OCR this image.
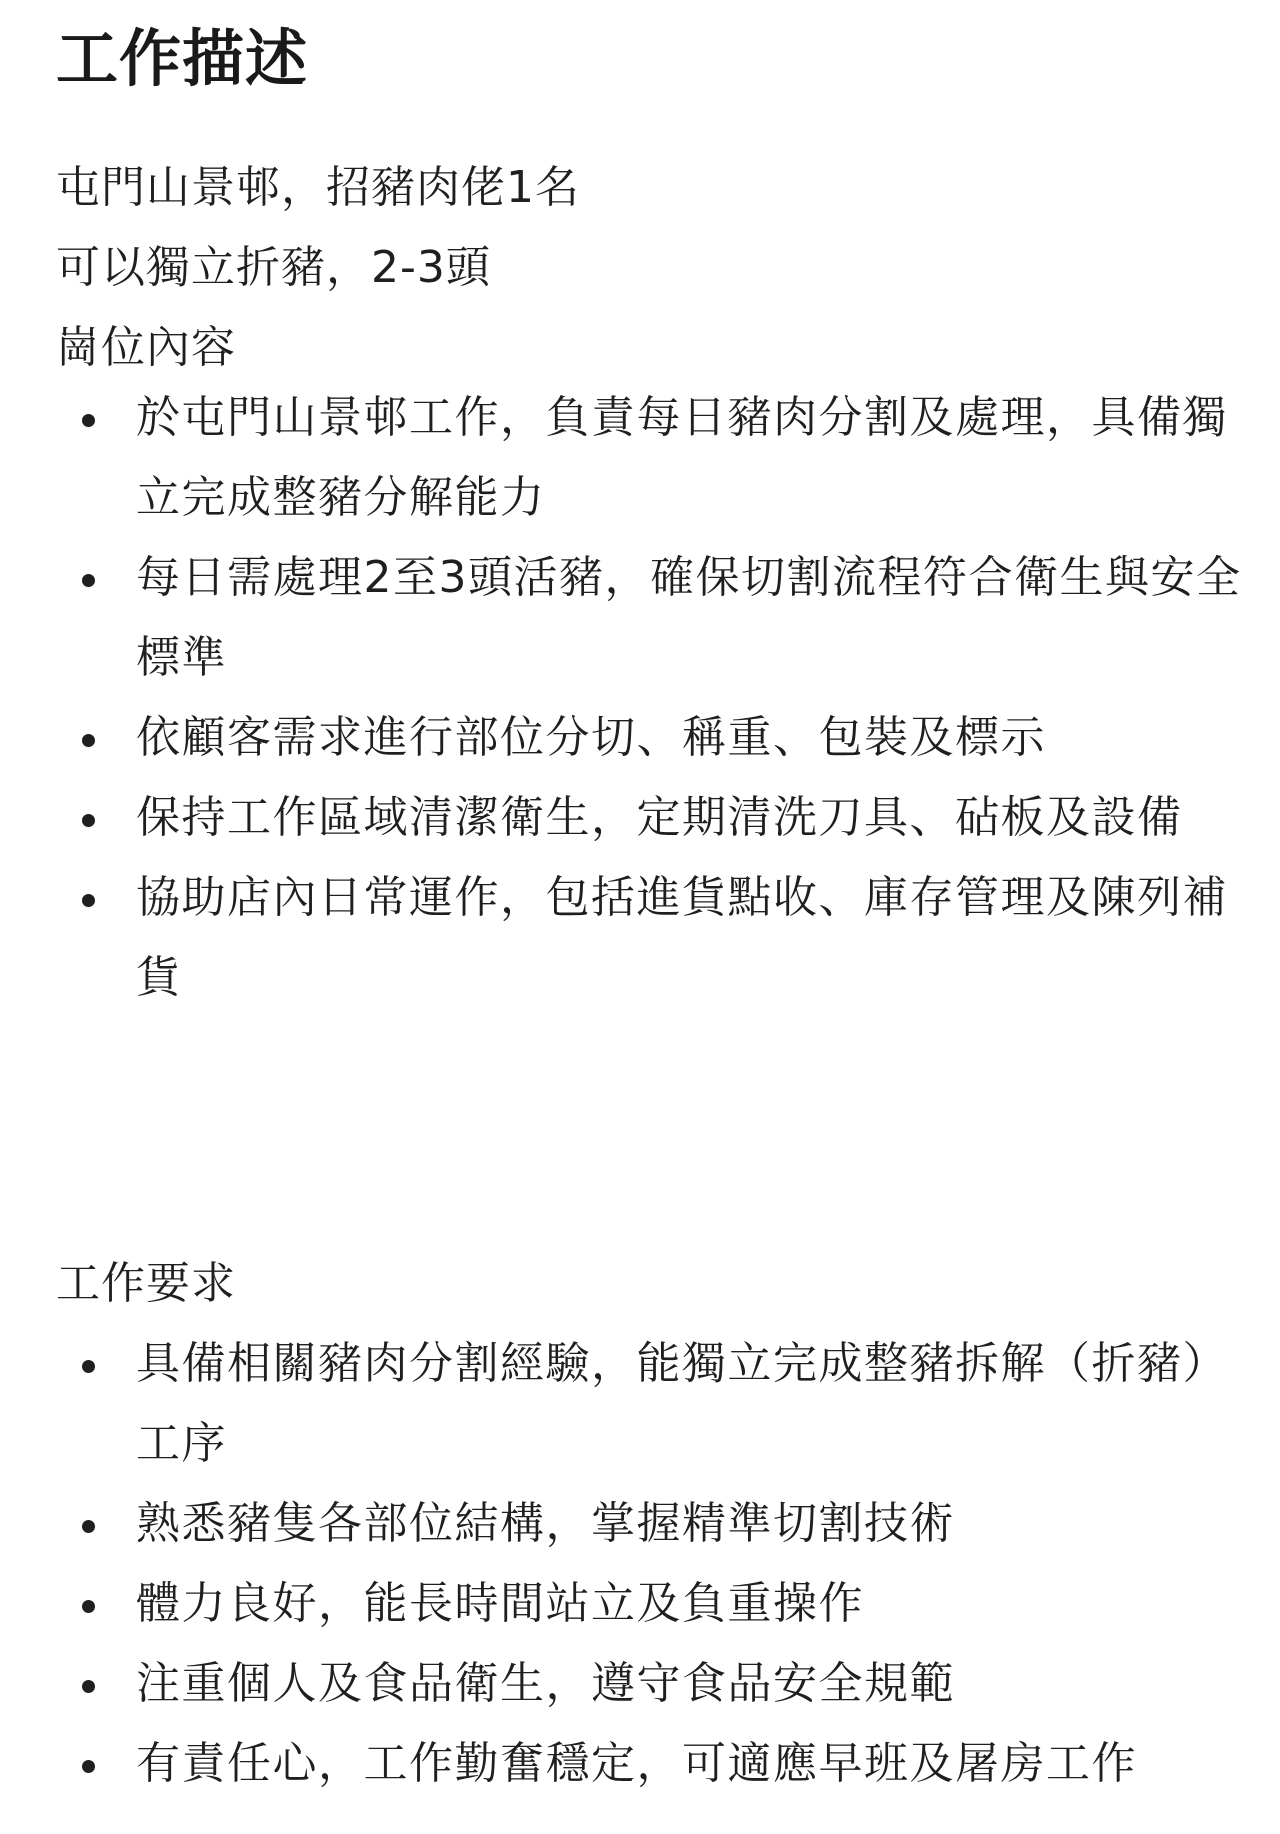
工作描述
屯門山景邨，招豬肉佬1名
可以獨立折豬，2-3頭
崗位內容
於屯門山景邨工作，負責每日豬肉分割及處理，具備獨立完成整豬分解能力
每日需處理2至3頭活豬，確保切割流程符合衛生與安全標準
依顧客需求進行部位分切、稱重、包裝及標示
保持工作區域清潔衛生，定期清洗刀具、砧板及設備
協助店內日常運作，包括進貨點收、庫存管理及陳列補貨
工作要求
具備相關豬肉分割經驗，能獨立完成整豬拆解（折豬）工序
熟悉豬隻各部位結構，掌握精準切割技術
體力良好，能長時間站立及負重操作
注重個人及食品衛生，遵守食品安全規範
有責任心，工作勤奮穩定，可適應早班及屠房工作
